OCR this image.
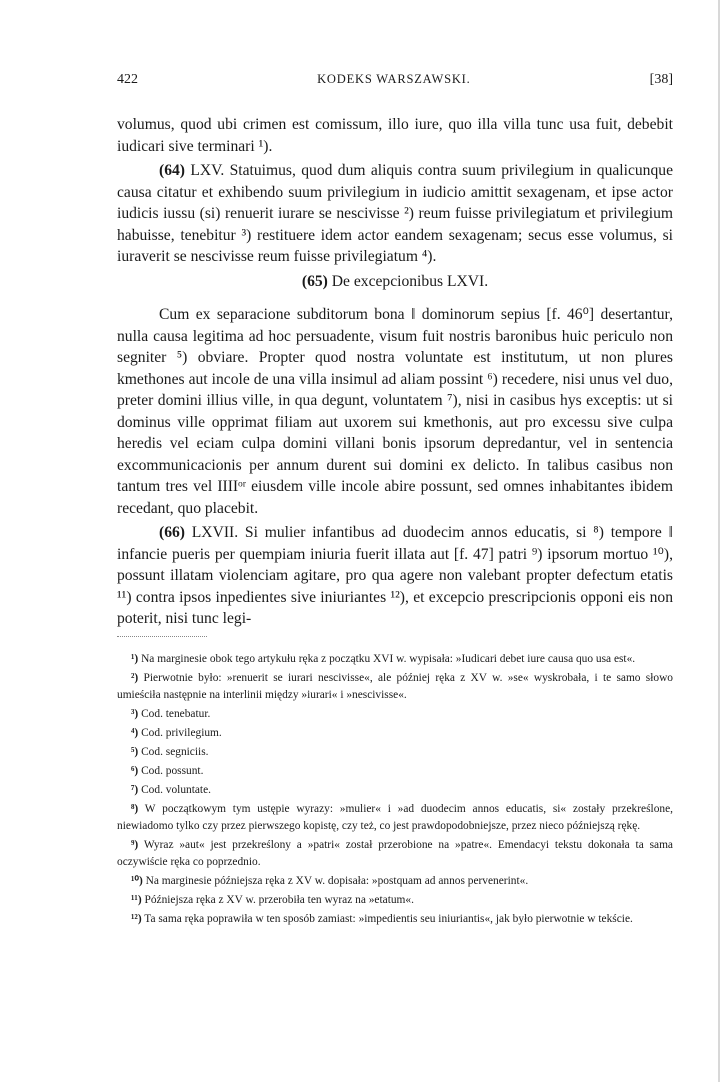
422	KODEKS WARSZAWSKI.	[38]

volumus, quod ubi crimen est comissum, illo iure, quo illa villa tunc usa fuit, debebit iudicari sive terminari ¹).

(64) LXV. Statuimus, quod dum aliquis contra suum privilegium in qualicunque causa citatur et exhibendo suum privilegium in iudicio amittit sexagenam, et ipse actor iudicis iussu (si) renuerit iurare se nescivisse ²) reum fuisse privilegiatum et privilegium habuisse, tenebitur ³) restituere idem actor eandem sexagenam; secus esse volumus, si iuraverit se nescivisse reum fuisse privilegiatum ⁴).

(65) De excepcionibus LXVI.

Cum ex separacione subditorum bona ‖ dominorum sepius [f. 46⁰] desertantur, nulla causa legitima ad hoc persuadente, visum fuit nostris baronibus huic periculo non segniter ⁵) obviare. Propter quod nostra voluntate est institutum, ut non plures kmethones aut incole de una villa insimul ad aliam possint ⁶) recedere, nisi unus vel duo, preter domini illius ville, in qua degunt, voluntatem ⁷), nisi in casibus hys exceptis: ut si dominus ville opprimat filiam aut uxorem sui kmethonis, aut pro excessu sive culpa heredis vel eciam culpa domini villani bonis ipsorum depredantur, vel in sentencia excommunicacionis per annum durent sui domini ex delicto. In talibus casibus non tantum tres vel IIIIᵒʳ eiusdem ville incole abire possunt, sed omnes inhabitantes ibidem recedant, quo placebit.

(66) LXVII. Si mulier infantibus ad duodecim annos educatis, si ⁸) tempore ‖ infancie pueris per quempiam iniuria fuerit illata aut [f. 47] patri ⁹) ipsorum mortuo ¹⁰), possunt illatam violenciam agitare, pro qua agere non valebant propter defectum etatis ¹¹) contra ipsos inpedientes sive iniuriantes ¹²), et excepcio prescripcionis opponi eis non poterit, nisi tunc legi-

¹) Na marginesie obok tego artykułu ręka z początku XVI w. wypisała: »Iudicari debet iure causa quo usa est«.

²) Pierwotnie było: »renuerit se iurari nescivisse«, ale później ręka z XV w. »se« wyskrobała, i te samo słowo umieściła następnie na interlinii między »iurari« i »nescivisse«.

³) Cod. tenebatur.

⁴) Cod. privilegium.

⁵) Cod. segniciis.

⁶) Cod. possunt.

⁷) Cod. voluntate.

⁸) W początkowym tym ustępie wyrazy: »mulier« i »ad duodecim annos educatis, si« zostały przekreślone, niewiadomo tylko czy przez pierwszego kopistę, czy też, co jest prawdopodobniejsze, przez nieco późniejszą rękę.

⁹) Wyraz »aut« jest przekreślony a »patri« został przerobione na »patre«. Emendacyi tekstu dokonała ta sama oczywiście ręka co poprzednio.

¹⁰) Na marginesie późniejsza ręka z XV w. dopisała: »postquam ad annos pervenerint«.

¹¹) Późniejsza ręka z XV w. przerobiła ten wyraz na »etatum«.

¹²) Ta sama ręka poprawiła w ten sposób zamiast: »impedientis seu iniuriantis«, jak było pierwotnie w tekście.
